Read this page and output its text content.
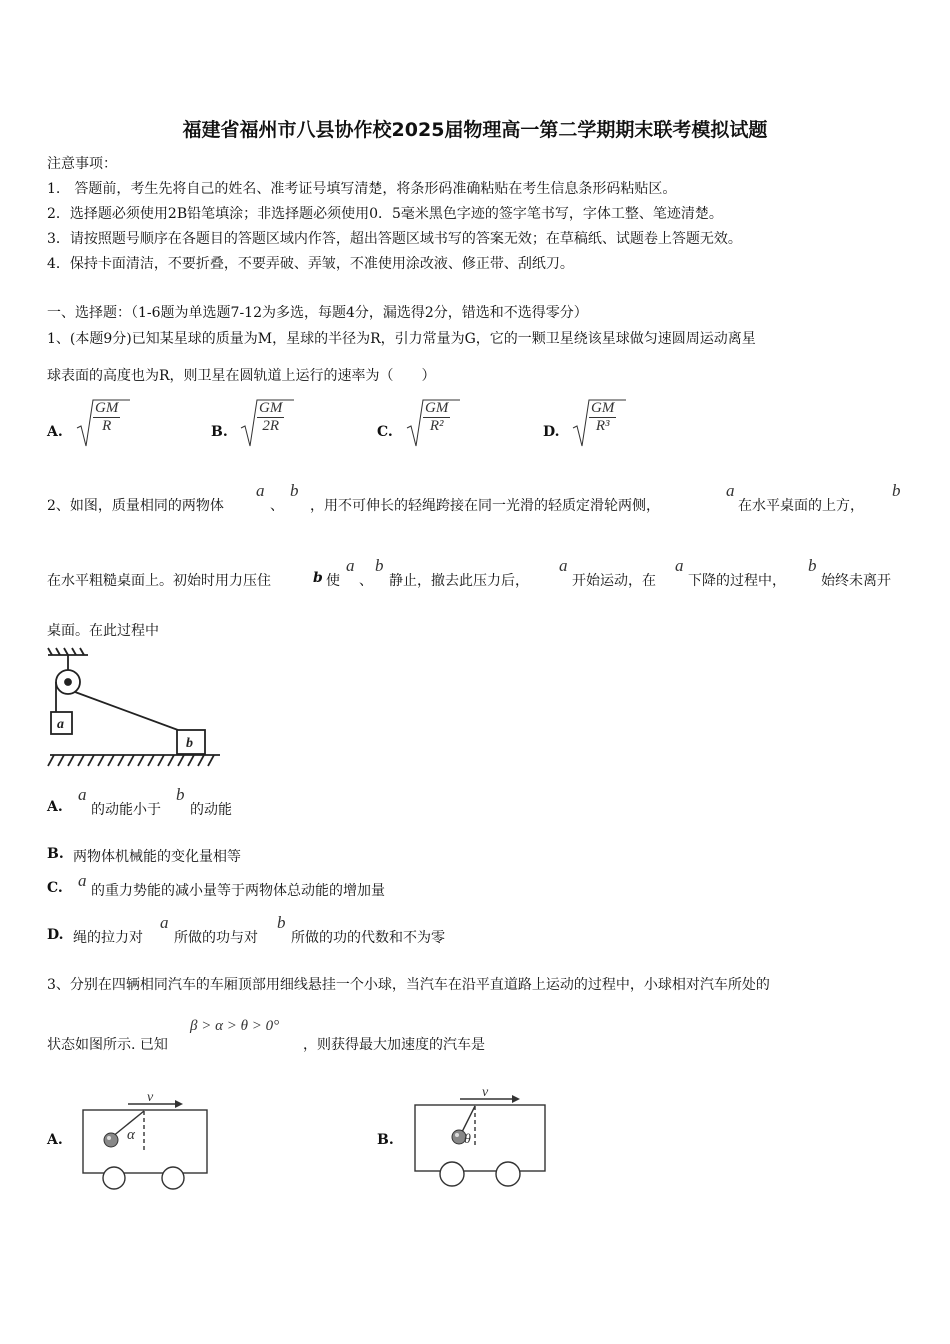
福建省福州市八县协作校2025届物理高一第二学期期末联考模拟试题
注意事项：
1.　答题前，考生先将自己的姓名、准考证号填写清楚，将条形码准确粘贴在考生信息条形码粘贴区。
2．选择题必须使用2B铅笔填涂；非选择题必须使用0．5毫米黑色字迹的签字笔书写，字体工整、笔迹清楚。
3．请按照题号顺序在各题目的答题区域内作答，超出答题区域书写的答案无效；在草稿纸、试题卷上答题无效。
4．保持卡面清洁，不要折叠，不要弄破、弄皱，不准使用涂改液、修正带、刮纸刀。
一、选择题：（1-6题为单选题7-12为多选，每题4分，漏选得2分，错选和不选得零分）
1、(本题9分)已知某星球的质量为M，星球的半径为R，引力常量为G，它的一颗卫星绕该星球做匀速圆周运动离星
球表面的高度也为R，则卫星在圆轨道上运行的速率为（　　）
A. $\frac{GM}{R}$	B. $\frac{GM}{2R}$	C. $\frac{GM}{\text{R²}}$	D. $\frac{GM}{\text{R³}}$
2、如图，质量相同的两物体
a
、
b
，用不可伸长的轻绳跨接在同一光滑的轻质定滑轮两侧，
a
在水平桌面的上方，
b
在水平粗糙桌面上。初始时用力压住	b 使
a
、
b
静止，撤去此压力后，
a
开始运动，在
a
下降的过程中，
b
始终未离开
桌面。在此过程中
a
b
A.
a
的动能小于
b
的动能
B. 两物体机械能的变化量相等
C. a
的重力势能的减小量等于两物体总动能的增加量
D. 绳的拉力对
a
所做的功与对
b
所做的功的代数和不为零
3、分别在四辆相同汽车的车厢顶部用细线悬挂一个小球，当汽车在沿平直道路上运动的过程中，小球相对汽车所处的
状态如图所示. 已知
β > α > θ > 0°
，则获得最大加速度的汽车是
A.
v
α	B.
v
θ
